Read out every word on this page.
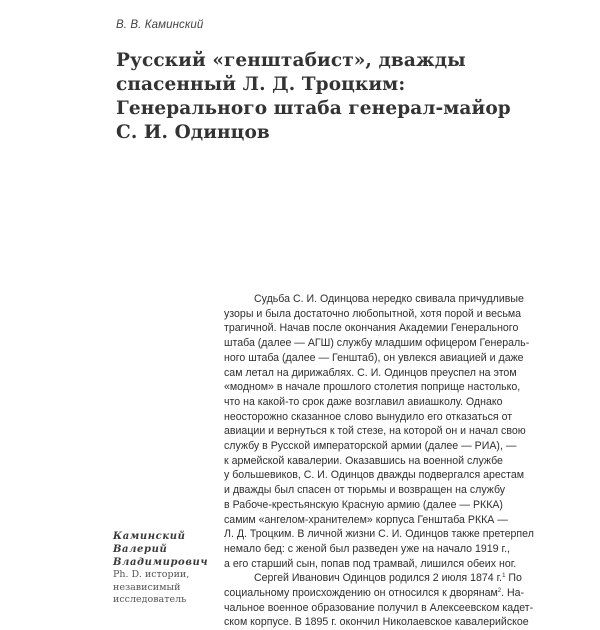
В. В. Каминский
Русский «генштабист», дважды
спасенный Л. Д. Троцким:
Генерального штаба генерал-майор
С. И. Одинцов
Судьба С. И. Одинцова нередко свивала причудливые
узоры и была достаточно любопытной, хотя порой и весьма
трагичной. Начав после окончания Академии Генерального
штаба (далее — АГШ) службу младшим офицером Генераль-
ного штаба (далее — Генштаб), он увлекся авиацией и даже
сам летал на дирижаблях. С. И. Одинцов преуспел на этом
«модном» в начале прошлого столетия поприще настолько,
что на какой-то срок даже возглавил авиашколу. Однако
неосторожно сказанное слово вынудило его отказаться от
авиации и вернуться к той стезе, на которой он и начал свою
службу в Русской императорской армии (далее — РИА), —
к армейской кавалерии. Оказавшись на военной службе
у большевиков, С. И. Одинцов дважды подвергался арестам
и дважды был спасен от тюрьмы и возвращен на службу
в Рабоче-крестьянскую Красную армию (далее — РККА)
самим «ангелом-хранителем» корпуса Генштаба РККА —
Л. Д. Троцким. В личной жизни С. И. Одинцов также претерпел
немало бед: с женой был разведен уже на начало 1919 г.,
а его старший сын, попав под трамвай, лишился обеих ног.
Сергей Иванович Одинцов родился 2 июля 1874 г.$^1$ По
социальному происхождению он относился к дворянам$^2$. На-
чальное военное образование получил в Алексеевском кадет-
ском корпусе. В 1895 г. окончил Николаевское кавалерийское
Каминский
Валерий
Владимирович
Ph. D. истории,
независимый
исследователь
